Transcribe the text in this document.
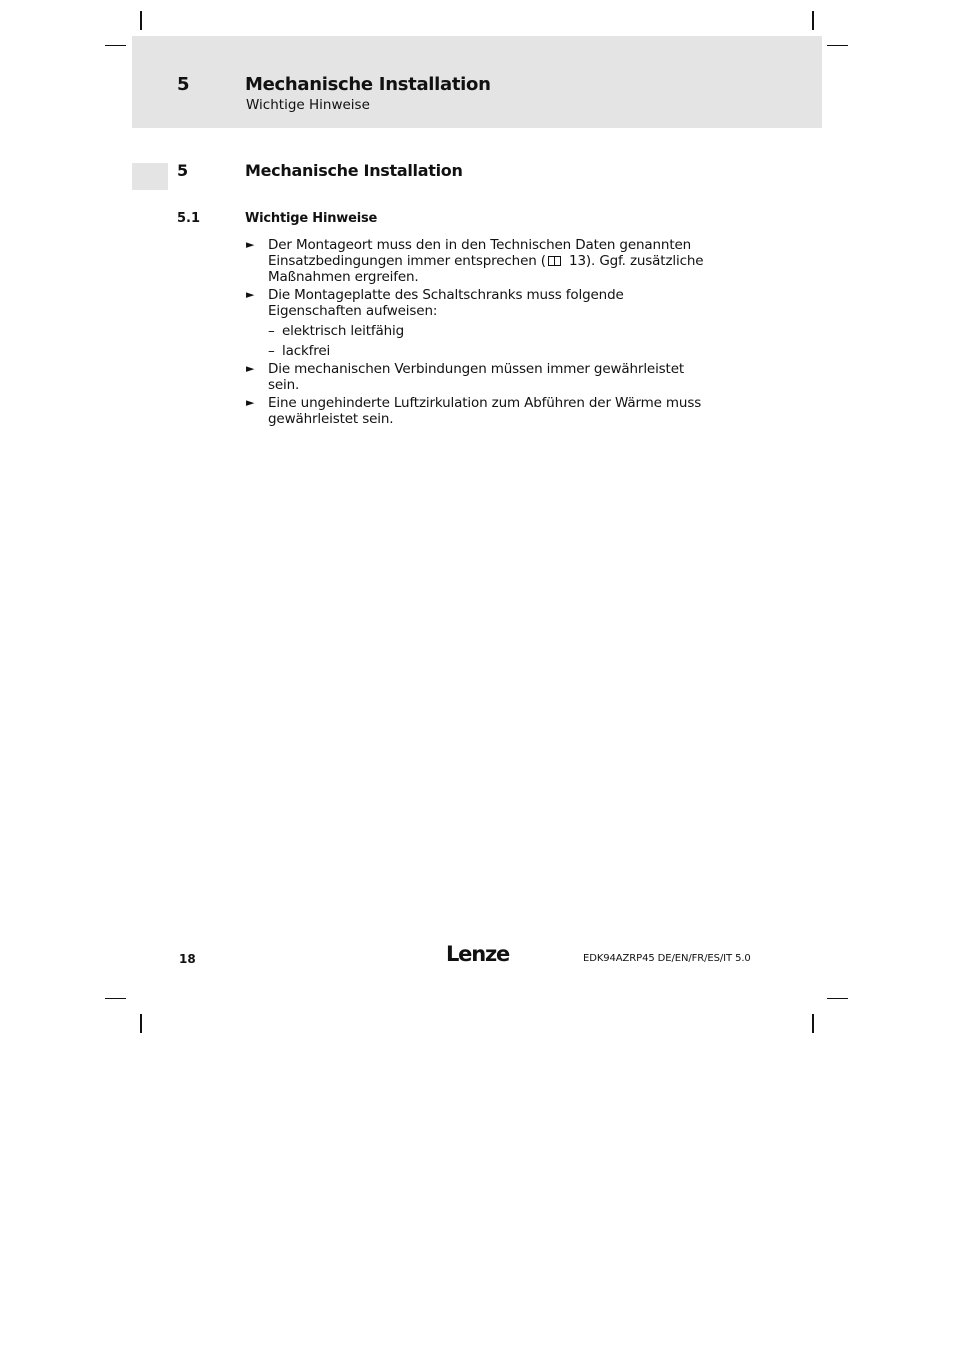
5	Mechanische Installation
Wichtige Hinweise
5	Mechanische Installation
5.1	Wichtige Hinweise
► Der Montageort muss den in den Technischen Daten genannten Einsatzbedingungen immer entsprechen ( 13). Ggf. zusätzliche Maßnahmen ergreifen.
► Die Montageplatte des Schaltschranks muss folgende Eigenschaften aufweisen:
– elektrisch leitfähig
– lackfrei
► Die mechanischen Verbindungen müssen immer gewährleistet sein.
► Eine ungehinderte Luftzirkulation zum Abführen der Wärme muss gewährleistet sein.
18	Lenze	EDK94AZRP45 DE/EN/FR/ES/IT 5.0
